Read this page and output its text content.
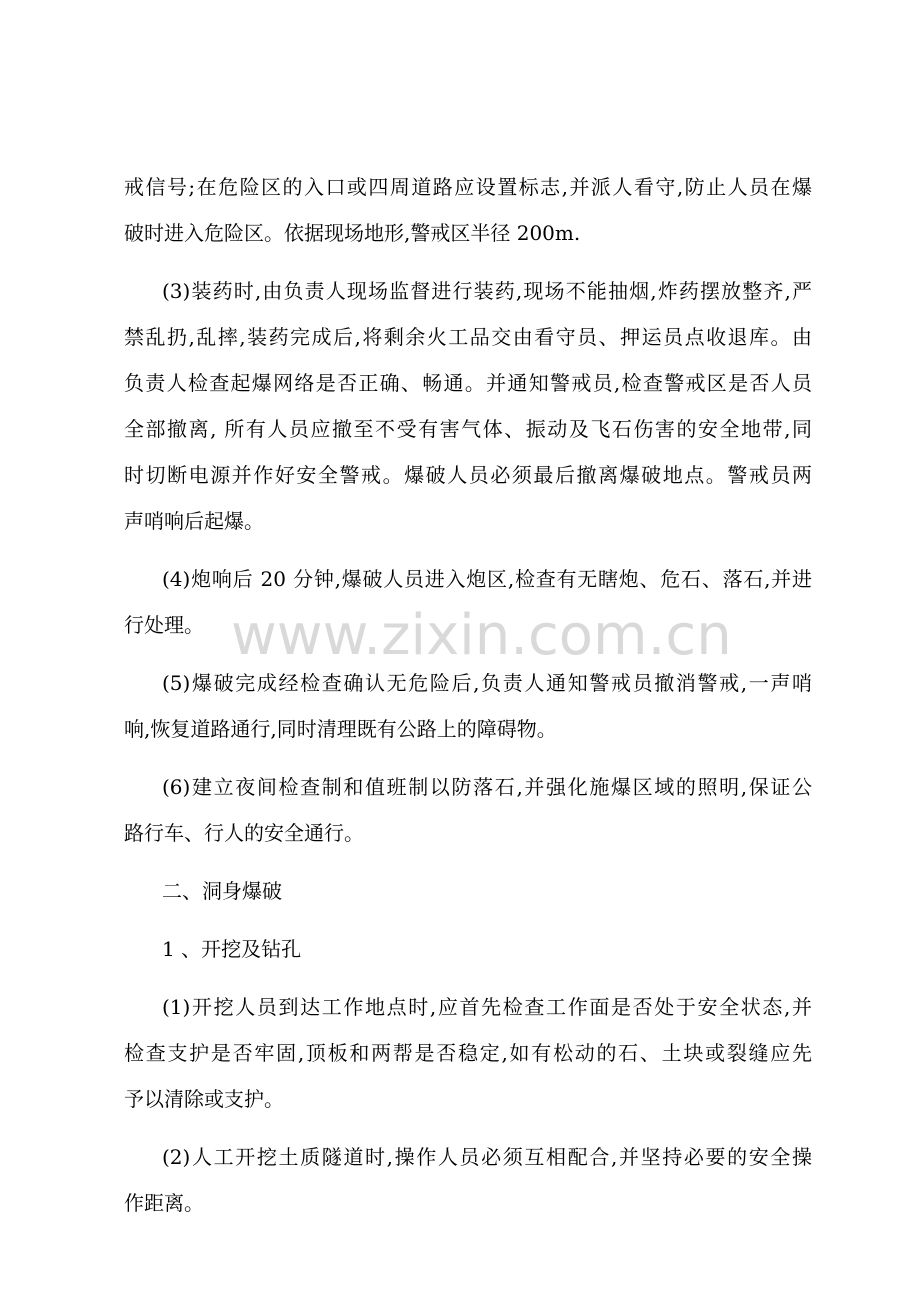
戒信号;在危险区的入口或四周道路应设置标志,并派人看守,防止人员在爆
破时进入危险区。依据现场地形,警戒区半径 200m.
(3)装药时,由负责人现场监督进行装药,现场不能抽烟,炸药摆放整齐,严
禁乱扔,乱摔,装药完成后,将剩余火工品交由看守员、押运员点收退库。由
负责人检查起爆网络是否正确、畅通。并通知警戒员,检查警戒区是否人员
全部撤离, 所有人员应撤至不受有害气体、振动及飞石伤害的安全地带,同
时切断电源并作好安全警戒。爆破人员必须最后撤离爆破地点。警戒员两
声哨响后起爆。
(4)炮响后 20 分钟,爆破人员进入炮区,检查有无瞎炮、危石、落石,并进
行处理。
(5)爆破完成经检查确认无危险后,负责人通知警戒员撤消警戒,一声哨
响,恢复道路通行,同时清理既有公路上的障碍物。
(6)建立夜间检查制和值班制以防落石,并强化施爆区域的照明,保证公
路行车、行人的安全通行。
二、洞身爆破
1 、开挖及钻孔
(1)开挖人员到达工作地点时,应首先检查工作面是否处于安全状态,并
检查支护是否牢固,顶板和两帮是否稳定,如有松动的石、土块或裂缝应先
予以清除或支护。
(2)人工开挖土质隧道时,操作人员必须互相配合,并坚持必要的安全操
作距离。
www.zixin.com.cn
